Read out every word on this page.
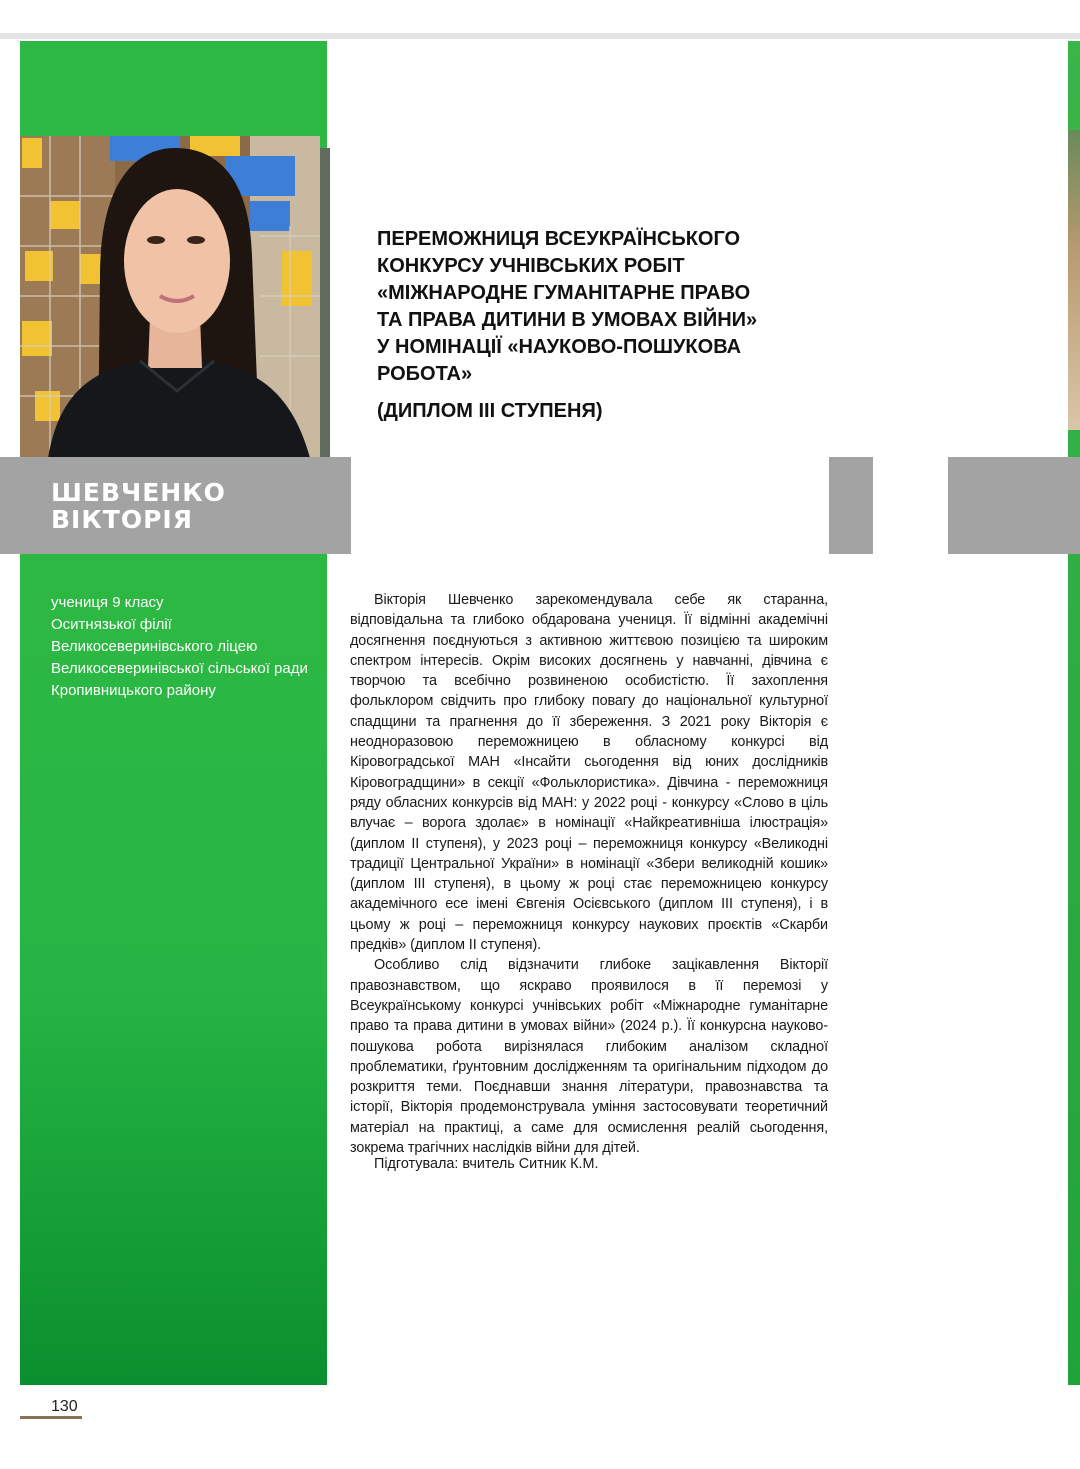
ШЕВЧЕНКО
ВІКТОРІЯ
учениця 9 класу
Оситнязької філії
Великосеверинівського ліцею
Великосеверинівської сільської ради
Кропивницького району
ПЕРЕМОЖНИЦЯ ВСЕУКРАЇНСЬКОГО
КОНКУРСУ УЧНІВСЬКИХ РОБІТ
«МІЖНАРОДНЕ ГУМАНІТАРНЕ ПРАВО
ТА ПРАВА ДИТИНИ В УМОВАХ ВІЙНИ»
У НОМІНАЦІЇ «НАУКОВО-ПОШУКОВА
РОБОТА»
(ДИПЛОМ ІІІ СТУПЕНЯ)

Вікторія Шевченко зарекомендувала себе як старанна, відповідальна та глибоко обдарована учениця. Її відмінні академічні досягнення поєднуються з активною життєвою позицією та широким спектром інтересів. Окрім високих досягнень у навчанні, дівчина є творчою та всебічно розвиненою особистістю. Її захоплення фольклором свідчить про глибоку повагу до національної культурної спадщини та прагнення до її збереження. З 2021 року Вікторія є неодноразовою переможницею в обласному конкурсі від Кіровоградської МАН «Інсайти сьогодення від юних дослідників Кіровоградщини» в секції «Фольклористика». Дівчина - переможниця ряду обласних конкурсів від МАН: у 2022 році - конкурсу «Слово в ціль влучає – ворога здолає» в номінації «Найкреативніша ілюстрація» (диплом ІІ ступеня), у 2023 році – переможниця конкурсу «Великодні традиції Центральної України» в номінації «Збери великодній кошик» (диплом ІІІ ступеня), в цьому ж році стає переможницею конкурсу академічного есе імені Євгенія Осієвського (диплом ІІІ ступеня), і в цьому ж році – переможниця конкурсу наукових проєктів «Скарби предків» (диплом ІІ ступеня).

Особливо слід відзначити глибоке зацікавлення Вікторії правознавством, що яскраво проявилося в її перемозі у Всеукраїнському конкурсі учнівських робіт «Міжнародне гуманітарне право та права дитини в умовах війни» (2024 р.). Її конкурсна науково-пошукова робота вирізнялася глибоким аналізом складної проблематики, ґрунтовним дослідженням та оригінальним підходом до розкриття теми. Поєднавши знання літератури, правознавства та історії, Вікторія продемонструвала уміння застосовувати теоретичний матеріал на практиці, а саме для осмислення реалій сьогодення, зокрема трагічних наслідків війни для дітей.

Підготувала: вчитель Ситник К.М.
130
